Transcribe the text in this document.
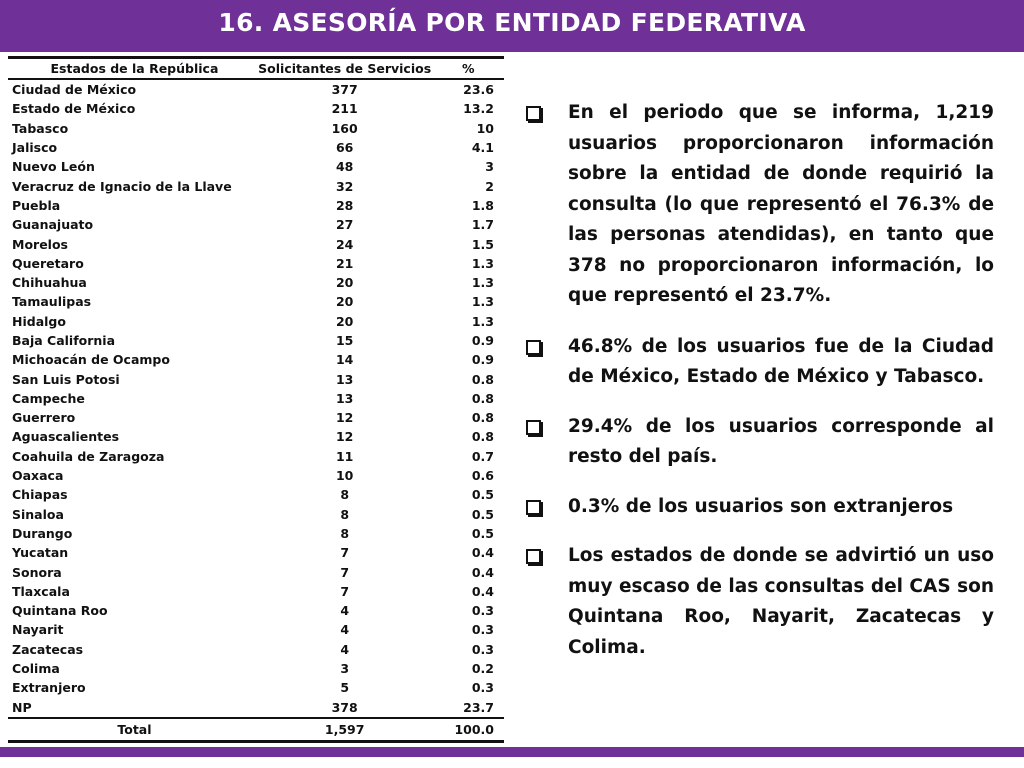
16. ASESORÍA POR ENTIDAD FEDERATIVA
Estados de la República	Solicitantes de Servicios	%
Ciudad de México	377	23.6
Estado de México	211	13.2
Tabasco	160	10
Jalisco	66	4.1
Nuevo León	48	3
Veracruz de Ignacio de la Llave	32	2
Puebla	28	1.8
Guanajuato	27	1.7
Morelos	24	1.5
Queretaro	21	1.3
Chihuahua	20	1.3
Tamaulipas	20	1.3
Hidalgo	20	1.3
Baja California	15	0.9
Michoacán de Ocampo	14	0.9
San Luis Potosi	13	0.8
Campeche	13	0.8
Guerrero	12	0.8
Aguascalientes	12	0.8
Coahuila de Zaragoza	11	0.7
Oaxaca	10	0.6
Chiapas	8	0.5
Sinaloa	8	0.5
Durango	8	0.5
Yucatan	7	0.4
Sonora	7	0.4
Tlaxcala	7	0.4
Quintana Roo	4	0.3
Nayarit	4	0.3
Zacatecas	4	0.3
Colima	3	0.2
Extranjero	5	0.3
NP	378	23.7
Total	1,597	100.0
En el periodo que se informa, 1,219 usuarios proporcionaron información sobre la entidad de donde requirió la consulta (lo que representó el 76.3% de las personas atendidas), en tanto que 378 no proporcionaron información, lo que representó el 23.7%.
46.8% de los usuarios fue de la Ciudad de México, Estado de México y Tabasco.
29.4% de los usuarios corresponde al resto del país.
0.3% de los usuarios son extranjeros
Los estados de donde se advirtió un uso muy escaso de las consultas del CAS son Quintana Roo, Nayarit, Zacatecas y Colima.
